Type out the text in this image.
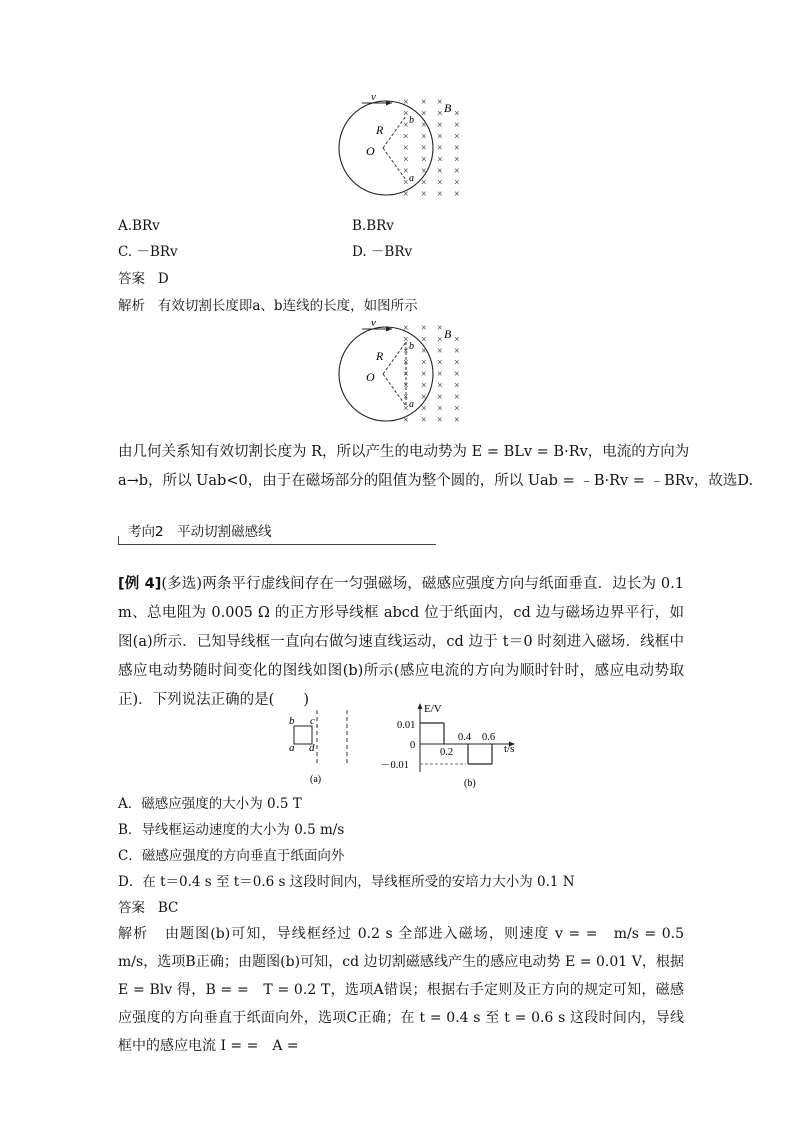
v
B
R
O
b
a
× × ×
× × × ×
× × × ×
× × × ×
× × × ×
× × × ×
× × × ×
× × × ×
× × × ×
A.BRv	B.BRv
C. －BRv	D. －BRv
答案 D
解析 有效切割长度即a、b连线的长度，如图所示
v
B
R
O
b
a
× × ×
× × × ×
× × × ×
× × × ×
× × × ×
× × × ×
× × × ×
× × × ×
× × × ×
由几何关系知有效切割长度为 R，所以产生的电动势为 E = BLv = B·Rv，电流的方向为
a→b，所以 Uab<0，由于在磁场部分的阻值为整个圆的，所以 Uab = ﹣B·Rv = ﹣BRv，故选D.
考向2　平动切割磁感线
[例 4](多选)两条平行虚线间存在一匀强磁场，磁感应强度方向与纸面垂直．边长为 0.1 m、总电阻为 0.005 Ω 的正方形导线框 abcd 位于纸面内，cd 边与磁场边界平行，如图(a)所示．已知导线框一直向右做匀速直线运动，cd 边于 t＝0 时刻进入磁场．线框中感应电动势随时间变化的图线如图(b)所示(感应电流的方向为顺时针时，感应电动势取正)．下列说法正确的是(　　)
b c
a d
(a)
E/V
t/s
0.01
0
－0.01
0.2
0.4 0.6
(b)
A．磁感应强度的大小为 0.5 T
B．导线框运动速度的大小为 0.5 m/s
C．磁感应强度的方向垂直于纸面向外
D．在 t＝0.4 s 至 t＝0.6 s 这段时间内，导线框所受的安培力大小为 0.1 N
答案 BC
解析 由题图(b)可知，导线框经过 0.2 s 全部进入磁场，则速度 v = =　m/s = 0.5 m/s，选项B正确；由题图(b)可知，cd 边切割磁感线产生的感应电动势 E = 0.01 V，根据 E = Blv 得，B = =　T = 0.2 T，选项A错误；根据右手定则及正方向的规定可知，磁感应强度的方向垂直于纸面向外，选项C正确；在 t = 0.4 s 至 t = 0.6 s 这段时间内，导线框中的感应电流 I = =　A =
